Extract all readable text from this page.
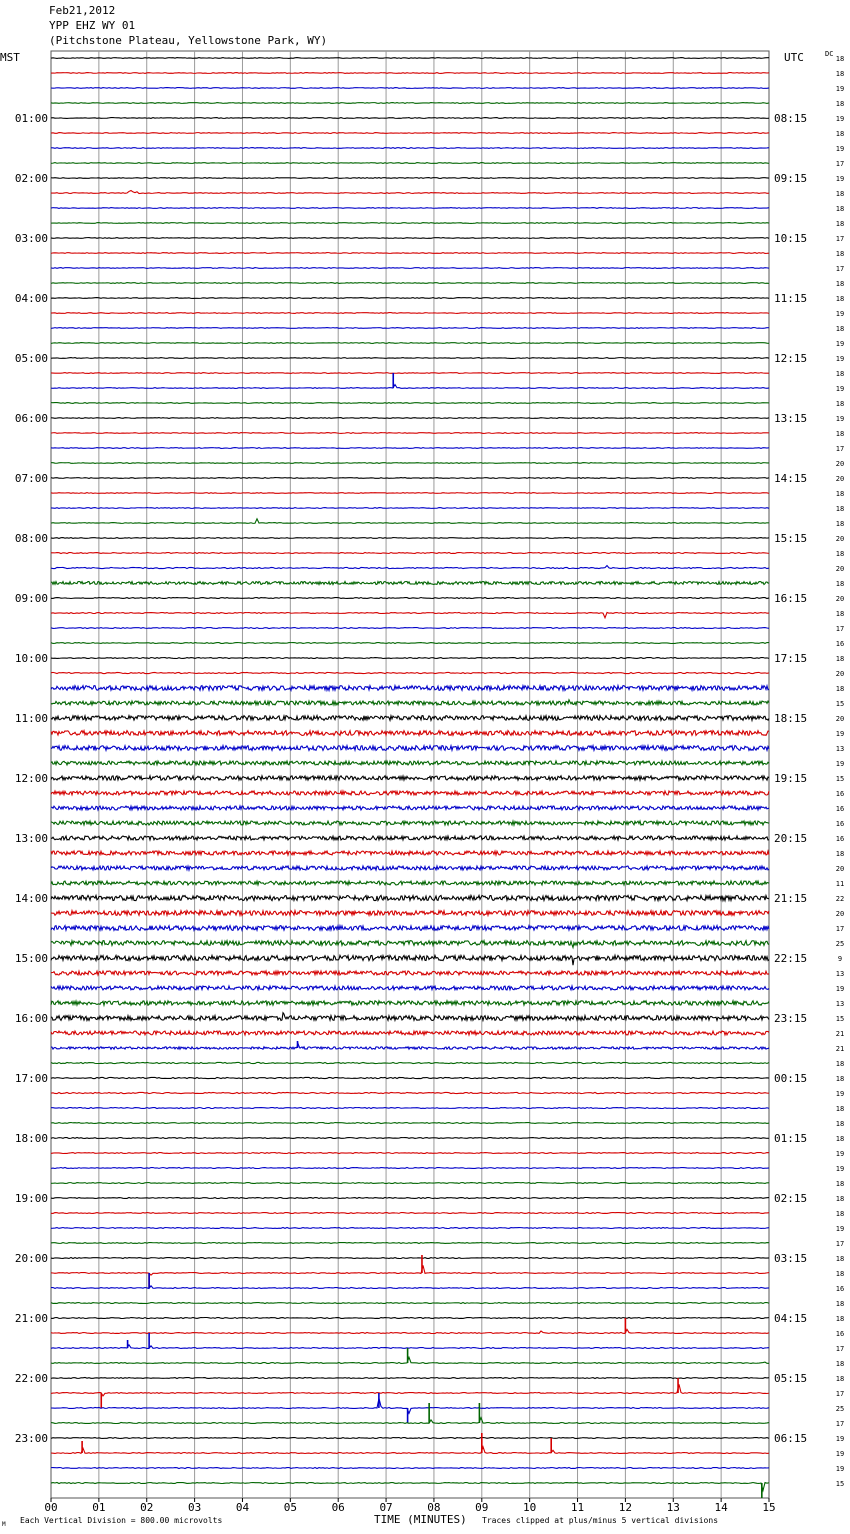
Feb21,2012
YPP EHZ WY 01
(Pitchstone Plateau, Yellowstone Park, WY)
00	01	02	03	04	05	06	07	08	09	10	11	12	13	14	15
18
18
19
18
19
18
19
17
19
18
18
18
17
18
17
18
18
19
18
19
19
18
19
18
19
18
17
20
20
18
18
18
20
18
20
18
20
18
17
16
18
20
18
15
20
19
13
19
15
16
16
16
16
18
20
11
22
20
17
25
9
13
19
13
15
21
21
18
18
19
18
18
18
19
19
18
18
18
19
17
18
18
16
18
18
16
17
18
18
17
25
17
19
19
19
15
01:00	08:15
02:00	09:15
03:00	10:15
04:00	11:15
05:00	12:15
06:00	13:15
07:00	14:15
08:00	15:15
09:00	16:15
10:00	17:15
11:00	18:15
12:00	19:15
13:00	20:15
14:00	21:15
15:00	22:15
16:00	23:15
17:00	00:15
18:00	01:15
19:00	02:15
20:00	03:15
21:00	04:15
22:00	05:15
23:00	06:15
MST	UTC	DC
TIME (MINUTES)
Each Vertical Division = 800.00 microvolts	Traces clipped at plus/minus 5 vertical divisions
M
